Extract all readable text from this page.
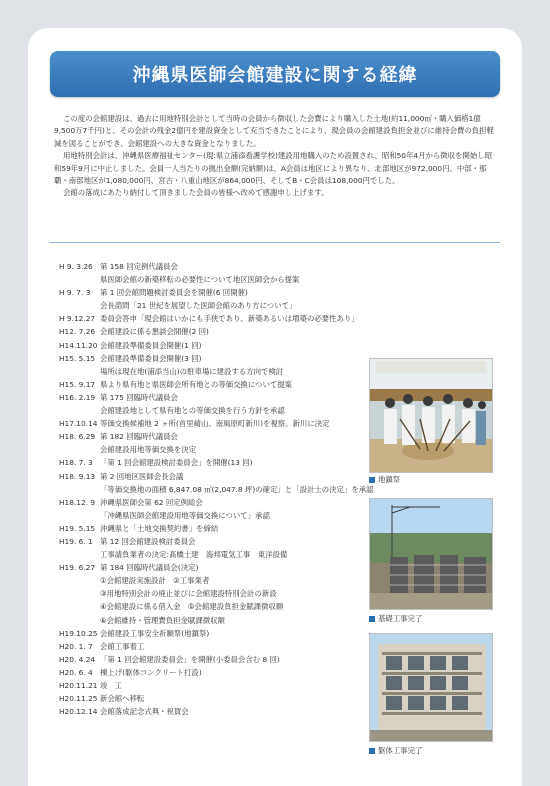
沖縄県医師会館建設に関する経緯

この度の会館建設は、過去に用地特別会計として当時の会員から徴収した会費により購入した土地(約11,000㎡・購入価格1億9,500万7千円)と、その会計の残金2億円を建設資金として充当できたことにより、現会員の会館建設負担金並びに維持会費の負担軽減を図ることができ、会館建設への大きな資金となりました。

用地特別会計は、沖縄県医療福祉センター(現:県立浦添看護学校)建設用地購入のため設置され、昭和50年4月から徴収を開始し昭和59年9月に中止しました。会員一人当たりの拠出金額(完納額)は、A会員は地区により異なり、北部地区が972,000円、中部・那覇・南部地区が1,080,000円、宮古・八重山地区が864,000円、そしてB・C会員は108,000円でした。

会館の落成にあたり納付して頂きました会員の皆様へ改めて感謝申し上げます。

H 9. 3.26 第 158 回定例代議員会
県医師会館の新築移転の必要性について地区医師会から提案
H 9. 7. 3	第 1 回会館問題検討委員会を開催(6 回開催)
会長諮問「21 世紀を展望した医師会館のあり方について」
H 9.12.27 委員会答申「現会館はいかにも手狭であり、新築あるいは増築の必要性あり」
H12. 7.26 会館建設に係る懇談会開催(2 回)
H14.11.20 会館建設準備委員会開催(1 回)
H15. 5.15 会館建設準備委員会開催(3 回)
場所は現在地(浦添当山)の駐車場に建設する方向で検討
H15. 9.17 県より県有地と県医師会所有地との等価交換について提案
H16. 2.19 第 175 回臨時代議員会
会館建設地として県有地との等価交換を行う方針を承認
H17.10.14 等価交換候補地 2 ヶ所(首里崎山、南風原町新川)を視察。新川に決定
H18. 6.29 第 182 回臨時代議員会
会館建設用地等価交換を決定
H18. 7. 3 「第 1 回会館建設検討委員会」を開催(13 回)
H18. 9.13 第 2 回地区医師会長会議
「等価交換地の面積 6,847.08 ㎡(2,047.8 坪)の確定」と「設計士の決定」を承認
H18.12. 9 沖縄県医師会第 62 回定例総会
「沖縄県医師会館建設用地等価交換について」承認
H19. 5.15 沖縄県と「土地交換契約書」を締結
H19. 6. 1 第 12 回会館建設検討委員会
工事請負業者の決定:髙橋土建　海邦電気工事　東洋設備
H19. 6.27 第 184 回臨時代議員会(決定)
①会館建設実施設計　②工事業者
③用地特別会計の廃止並びに会館建設特別会計の新設
④会館建設に係る借入金　⑤会館建設負担金賦課徴収額
⑥会館維持・管理費負担金賦課徴収額
H19.10.25 会館建設工事安全祈願祭(地鎮祭)
H20. 1. 7 会館工事着工
H20. 4.24 「第 1 回会館建設委員会」を開催(小委員会含む 8 回)
H20. 6. 4 棟上げ(躯体コンクリート打設)
H20.11.21 竣　工
H20.11.25 新会館へ移転
H20.12.14 会館落成記念式典・祝賀会
地鎮祭
基礎工事完了
躯体工事完了
